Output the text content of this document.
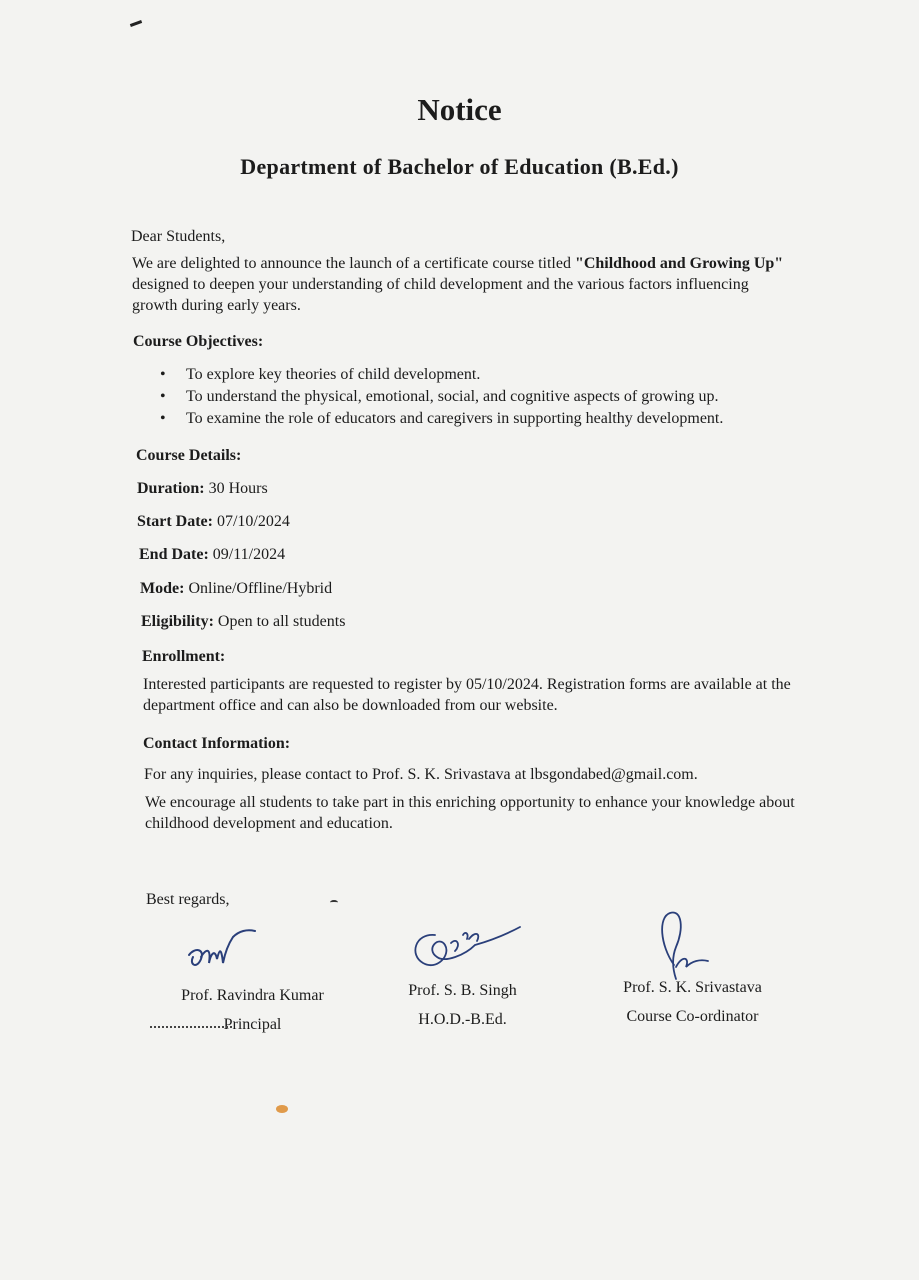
Notice
Department of Bachelor of Education (B.Ed.)
Dear Students,
We are delighted to announce the launch of a certificate course titled "Childhood and Growing Up" designed to deepen your understanding of child development and the various factors influencing growth during early years.
Course Objectives:
• To explore key theories of child development.
• To understand the physical, emotional, social, and cognitive aspects of growing up.
• To examine the role of educators and caregivers in supporting healthy development.
Course Details:
Duration: 30 Hours
Start Date: 07/10/2024
End Date: 09/11/2024
Mode: Online/Offline/Hybrid
Eligibility: Open to all students
Enrollment:
Interested participants are requested to register by 05/10/2024. Registration forms are available at the department office and can also be downloaded from our website.
Contact Information:
For any inquiries, please contact to Prof. S. K. Srivastava at lbsgondabed@gmail.com.
We encourage all students to take part in this enriching opportunity to enhance your knowledge about childhood development and education.
Best regards,
Prof. Ravindra Kumar
Principal
Prof. S. B. Singh
H.O.D.-B.Ed.
Prof. S. K. Srivastava
Course Co-ordinator
